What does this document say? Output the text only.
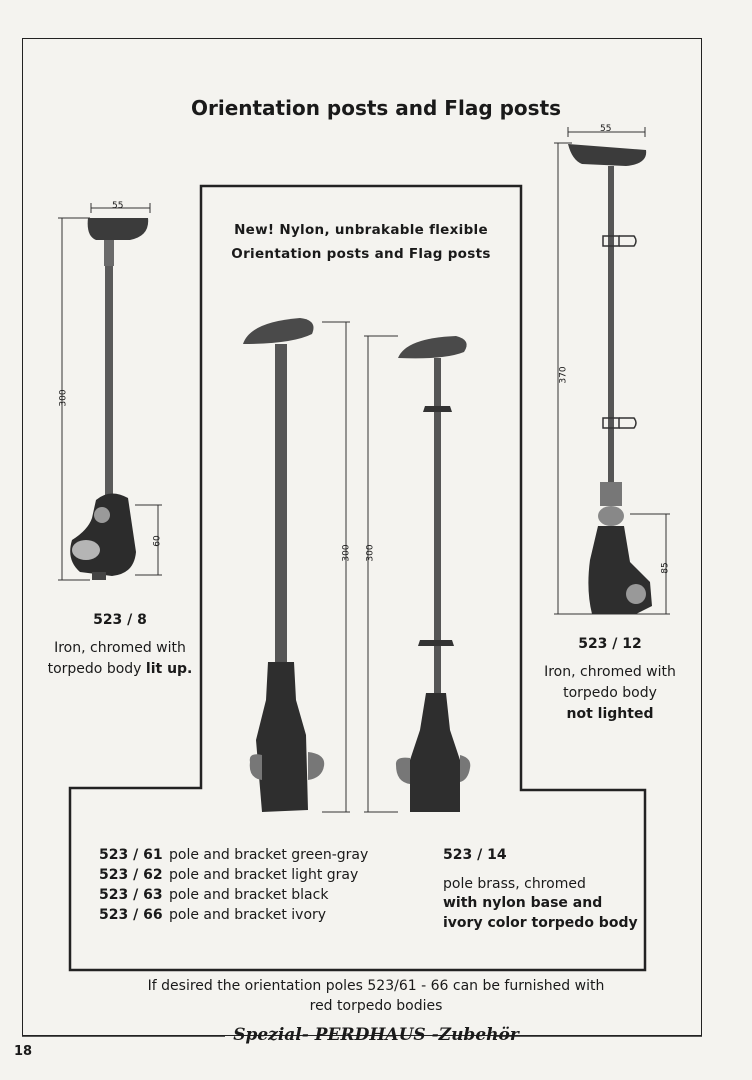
Orientation posts and Flag posts
New! Nylon, unbrakable flexible
Orientation posts and Flag posts
55
300
60
55
370
85
300 300
523 / 8
Iron, chromed with
torpedo body lit up.
523 / 12
Iron, chromed with
torpedo body
not lighted
523 / 61 pole and bracket green-gray
523 / 62 pole and bracket light gray
523 / 63 pole and bracket black
523 / 66 pole and bracket ivory
523 / 14
pole brass, chromed
with nylon base and
ivory color torpedo body
If desired the orientation poles 523/61 - 66 can be furnished with
red torpedo bodies
Spezial- PERDHAUS -Zubehör
18
